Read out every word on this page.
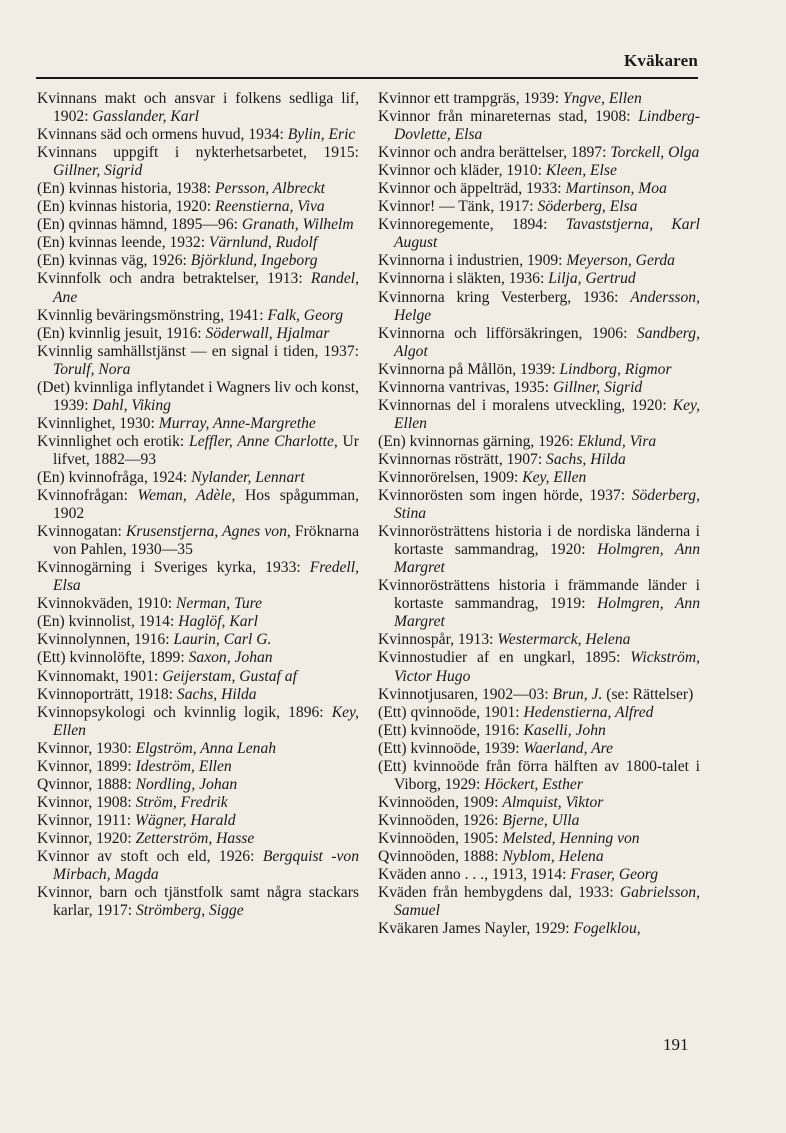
Kväkaren
Kvinnans makt och ansvar i folkens sedliga lif, 1902: Gasslander, Karl
Kvinnans säd och ormens huvud, 1934: Bylin, Eric
Kvinnans uppgift i nykterhetsarbetet, 1915: Gillner, Sigrid
(En) kvinnas historia, 1938: Persson, Albreckt
(En) kvinnas historia, 1920: Reenstierna, Viva
(En) qvinnas hämnd, 1895—96: Granath, Wilhelm
(En) kvinnas leende, 1932: Värnlund, Rudolf
(En) kvinnas väg, 1926: Björklund, Ingeborg
Kvinnfolk och andra betraktelser, 1913: Randel, Ane
Kvinnlig beväringsmönstring, 1941: Falk, Georg
(En) kvinnlig jesuit, 1916: Söderwall, Hjalmar
Kvinnlig samhällstjänst — en signal i tiden, 1937: Torulf, Nora
(Det) kvinnliga inflytandet i Wagners liv och konst, 1939: Dahl, Viking
Kvinnlighet, 1930: Murray, Anne-Margrethe
Kvinnlighet och erotik: Leffler, Anne Charlotte, Ur lifvet, 1882—93
(En) kvinnofråga, 1924: Nylander, Lennart
Kvinnofrågan: Weman, Adèle, Hos spågumman, 1902
Kvinnogatan: Krusenstjerna, Agnes von, Fröknarna von Pahlen, 1930—35
Kvinnogärning i Sveriges kyrka, 1933: Fredell, Elsa
Kvinnokväden, 1910: Nerman, Ture
(En) kvinnolist, 1914: Haglöf, Karl
Kvinnolynnen, 1916: Laurin, Carl G.
(Ett) kvinnolöfte, 1899: Saxon, Johan
Kvinnomakt, 1901: Geijerstam, Gustaf af
Kvinnoporträtt, 1918: Sachs, Hilda
Kvinnopsykologi och kvinnlig logik, 1896: Key, Ellen
Kvinnor, 1930: Elgström, Anna Lenah
Kvinnor, 1899: Ideström, Ellen
Qvinnor, 1888: Nordling, Johan
Kvinnor, 1908: Ström, Fredrik
Kvinnor, 1911: Wägner, Harald
Kvinnor, 1920: Zetterström, Hasse
Kvinnor av stoft och eld, 1926: Bergquist -von Mirbach, Magda
Kvinnor, barn och tjänstfolk samt några stackars karlar, 1917: Strömberg, Sigge
Kvinnor ett trampgräs, 1939: Yngve, Ellen
Kvinnor från minareternas stad, 1908: Lindberg-Dovlette, Elsa
Kvinnor och andra berättelser, 1897: Torckell, Olga
Kvinnor och kläder, 1910: Kleen, Else
Kvinnor och äppelträd, 1933: Martinson, Moa
Kvinnor! — Tänk, 1917: Söderberg, Elsa
Kvinnoregemente, 1894: Tavaststjerna, Karl August
Kvinnorna i industrien, 1909: Meyerson, Gerda
Kvinnorna i släkten, 1936: Lilja, Gertrud
Kvinnorna kring Vesterberg, 1936: Andersson, Helge
Kvinnorna och lifförsäkringen, 1906: Sandberg, Algot
Kvinnorna på Mållön, 1939: Lindborg, Rigmor
Kvinnorna vantrivas, 1935: Gillner, Sigrid
Kvinnornas del i moralens utveckling, 1920: Key, Ellen
(En) kvinnornas gärning, 1926: Eklund, Vira
Kvinnornas rösträtt, 1907: Sachs, Hilda
Kvinnorörelsen, 1909: Key, Ellen
Kvinnorösten som ingen hörde, 1937: Söderberg, Stina
Kvinnorösträttens historia i de nordiska länderna i kortaste sammandrag, 1920: Holmgren, Ann Margret
Kvinnorösträttens historia i främmande länder i kortaste sammandrag, 1919: Holmgren, Ann Margret
Kvinnospår, 1913: Westermarck, Helena
Kvinnostudier af en ungkarl, 1895: Wickström, Victor Hugo
Kvinnotjusaren, 1902—03: Brun, J. (se: Rättelser)
(Ett) qvinnoöde, 1901: Hedenstierna, Alfred
(Ett) kvinnoöde, 1916: Kaselli, John
(Ett) kvinnoöde, 1939: Waerland, Are
(Ett) kvinnoöde från förra hälften av 1800-talet i Viborg, 1929: Höckert, Esther
Kvinnoöden, 1909: Almquist, Viktor
Kvinnoöden, 1926: Bjerne, Ulla
Kvinnoöden, 1905: Melsted, Henning von
Qvinnoöden, 1888: Nyblom, Helena
Kväden anno . . ., 1913, 1914: Fraser, Georg
Kväden från hembygdens dal, 1933: Gabrielsson, Samuel
Kväkaren James Nayler, 1929: Fogelklou,
191
